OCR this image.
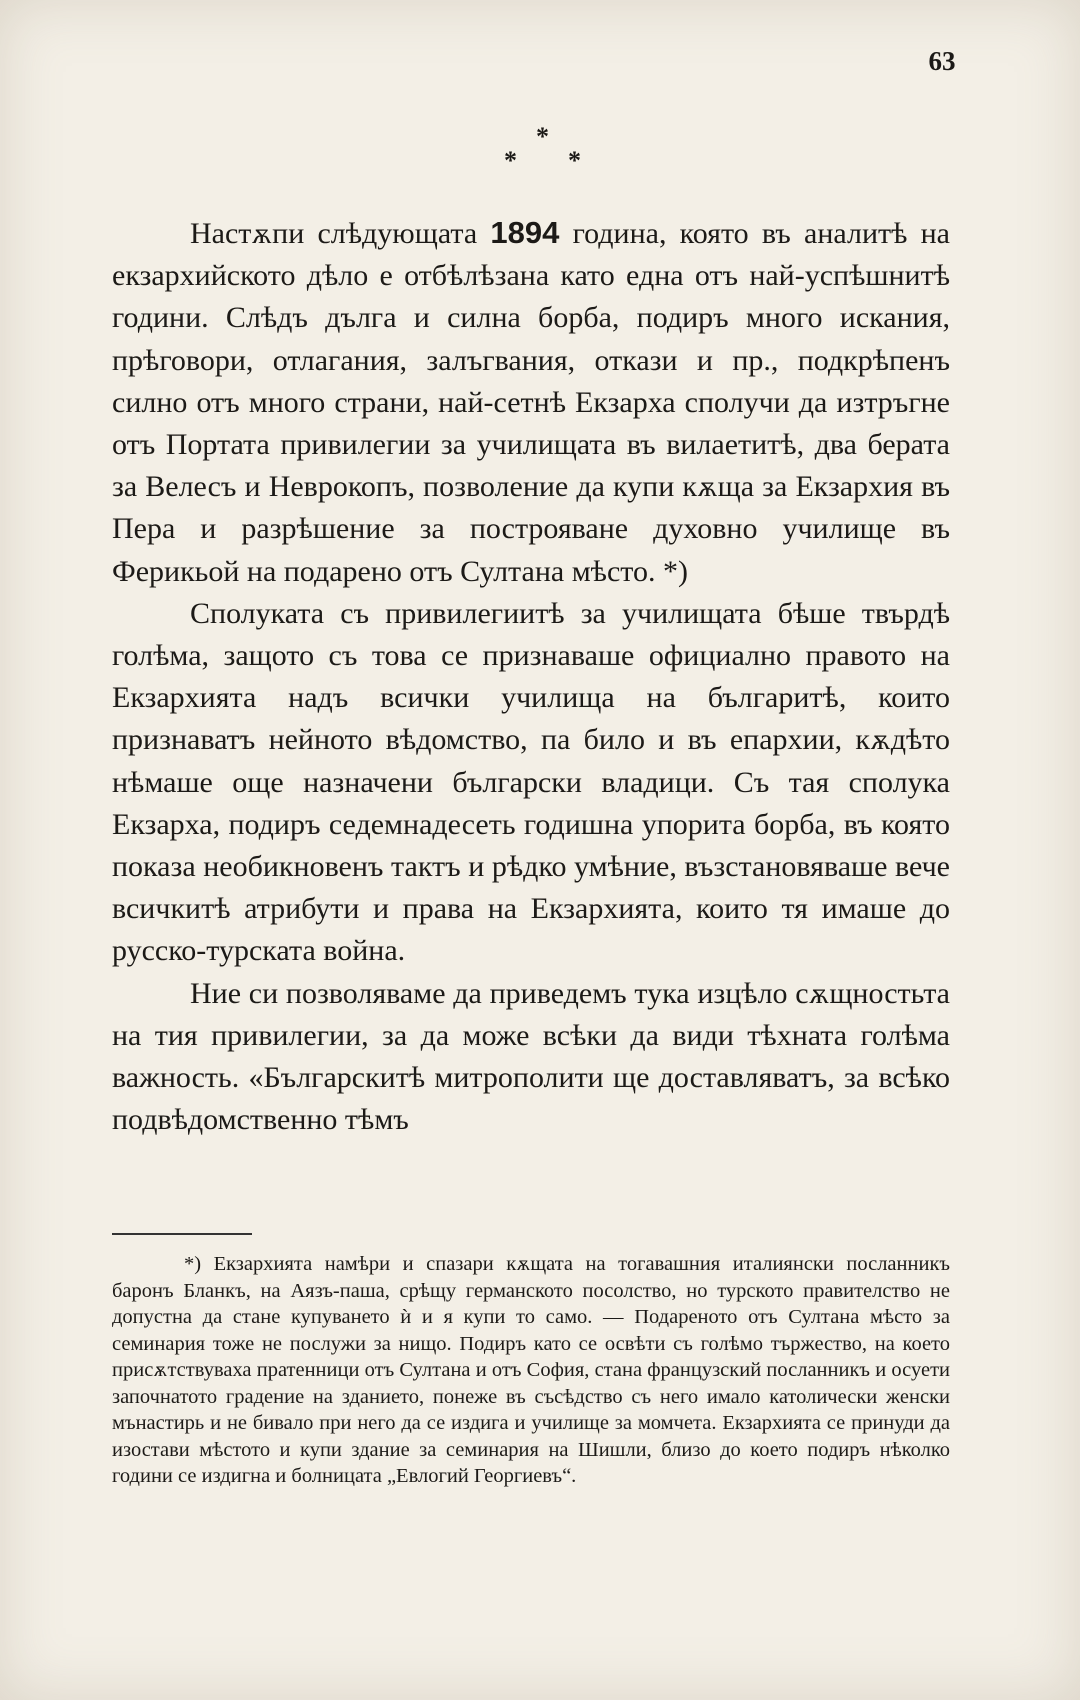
63
*
* *

Настѫпи слѣдующата 1894 година, която въ аналитѣ на екзархийското дѣло е отбѣлѣзана като една отъ най-успѣшнитѣ години. Слѣдъ дълга и силна борба, подиръ много искания, прѣговори, отлагания, залъгвания, откази и пр., подкрѣпенъ силно отъ много страни, най-сетнѣ Екзарха сполучи да изтръгне отъ Портата привилегии за училищата въ вилаетитѣ, два берата за Велесъ и Неврокопъ, позволение да купи кѫща за Екзархия въ Пера и разрѣшение за построяване духовно училище въ Ферикьой на подарено отъ Султана мѣсто. *)

Сполуката съ привилегиитѣ за училищата бѣше твърдѣ голѣма, защото съ това се признаваше официално правото на Екзархията надъ всички училища на българитѣ, които признаватъ нейното вѣдомство, па било и въ епархии, кѫдѣто нѣмаше още назначени български владици. Съ тая сполука Екзарха, подиръ седемнадесеть годишна упорита борба, въ която показа необикновенъ тактъ и рѣдко умѣние, възстановяваше вече всичкитѣ атрибути и права на Екзархията, които тя имаше до русско-турската война.

Ние си позволяваме да приведемъ тука изцѣло сѫщностьта на тия привилегии, за да може всѣки да види тѣхната голѣма важность. «Българскитѣ митрополити ще доставляватъ, за всѣко подвѣдомственно тѣмъ

*) Екзархията намѣри и спазари кѫщата на тогавашния италиянски посланникъ баронъ Бланкъ, на Аязъ-паша, срѣщу германското посолство, но турското правителство не допустна да стане купуването ѝ и я купи то само. — Подареното отъ Султана мѣсто за семинария тоже не послужи за нищо. Подиръ като се освѣти съ голѣмо тържество, на което присѫтствуваха пратенници отъ Султана и отъ София, стана французский посланникъ и осуети започнатото градение на зданието, понеже въ съсѣдство съ него имало католически женски мънастирь и не бивало при него да се издига и училище за момчета. Екзархията се принуди да изостави мѣстото и купи здание за семинария на Шишли, близо до което подиръ нѣколко години се издигна и болницата „Евлогий Георгиевъ“.
